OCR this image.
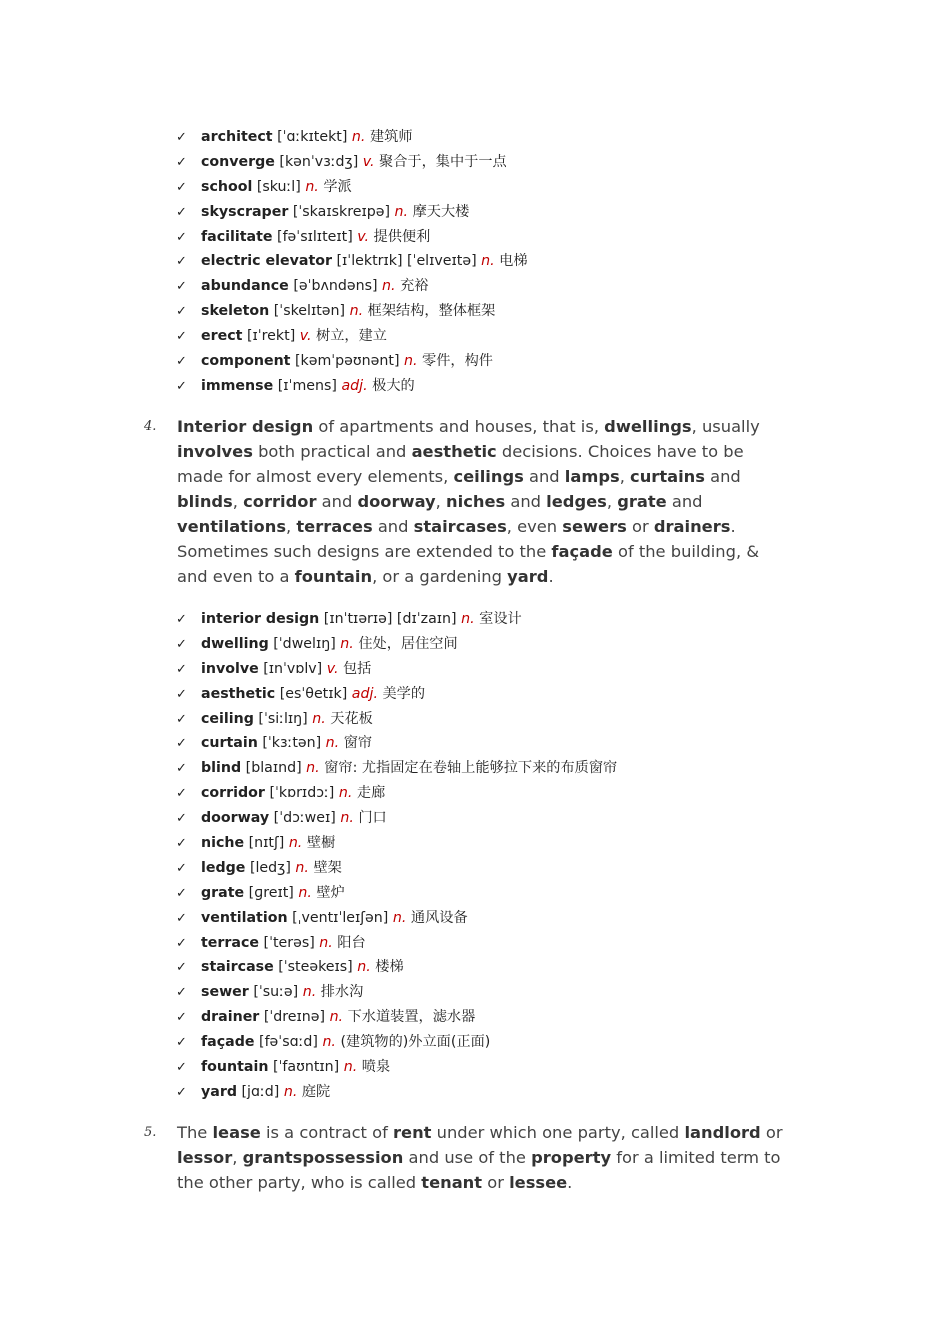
✓ architect [ˈɑːkɪtekt] n. 建筑师
✓ converge [kənˈvɜːdʒ] v. 聚合于，集中于一点
✓ school [skuːl] n. 学派
✓ skyscraper [ˈskaɪskreɪpə] n. 摩天大楼
✓ facilitate [fəˈsɪlɪteɪt] v. 提供便利
✓ electric elevator [ɪˈlektrɪk] [ˈelɪveɪtə] n. 电梯
✓ abundance [əˈbʌndəns] n. 充裕
✓ skeleton [ˈskelɪtən] n. 框架结构，整体框架
✓ erect [ɪˈrekt] v. 树立，建立
✓ component [kəmˈpəʊnənt] n. 零件，构件
✓ immense [ɪˈmens] adj. 极大的
4. Interior design of apartments and houses, that is, dwellings, usually involves both practical and aesthetic decisions. Choices have to be made for almost every elements, ceilings and lamps, curtains and blinds, corridor and doorway, niches and ledges, grate and ventilations, terraces and staircases, even sewers or drainers. Sometimes such designs are extended to the façade of the building, & and even to a fountain, or a gardening yard.
✓ interior design [ɪnˈtɪərɪə] [dɪˈzaɪn] n. 室设计
✓ dwelling [ˈdwelɪŋ] n. 住处，居住空间
✓ involve [ɪnˈvɒlv] v. 包括
✓ aesthetic [esˈθetɪk] adj. 美学的
✓ ceiling [ˈsiːlɪŋ] n. 天花板
✓ curtain [ˈkɜːtən] n. 窗帘
✓ blind [blaɪnd] n. 窗帘: 尤指固定在卷轴上能够拉下来的布质窗帘
✓ corridor [ˈkɒrɪdɔː] n. 走廊
✓ doorway [ˈdɔːweɪ] n. 门口
✓ niche [nɪtʃ] n. 壁橱
✓ ledge [ledʒ] n. 壁架
✓ grate [ɡreɪt] n. 壁炉
✓ ventilation [ˌventɪˈleɪʃən] n. 通风设备
✓ terrace [ˈterəs] n. 阳台
✓ staircase [ˈsteəkeɪs] n. 楼梯
✓ sewer [ˈsuːə] n. 排水沟
✓ drainer [ˈdreɪnə] n. 下水道装置，滤水器
✓ façade [fəˈsɑːd] n. (建筑物的)外立面(正面)
✓ fountain [ˈfaʊntɪn] n. 喷泉
✓ yard [jɑːd] n. 庭院
5. The lease is a contract of rent under which one party, called landlord or lessor, grantspossession and use of the property for a limited term to the other party, who is called tenant or lessee.
